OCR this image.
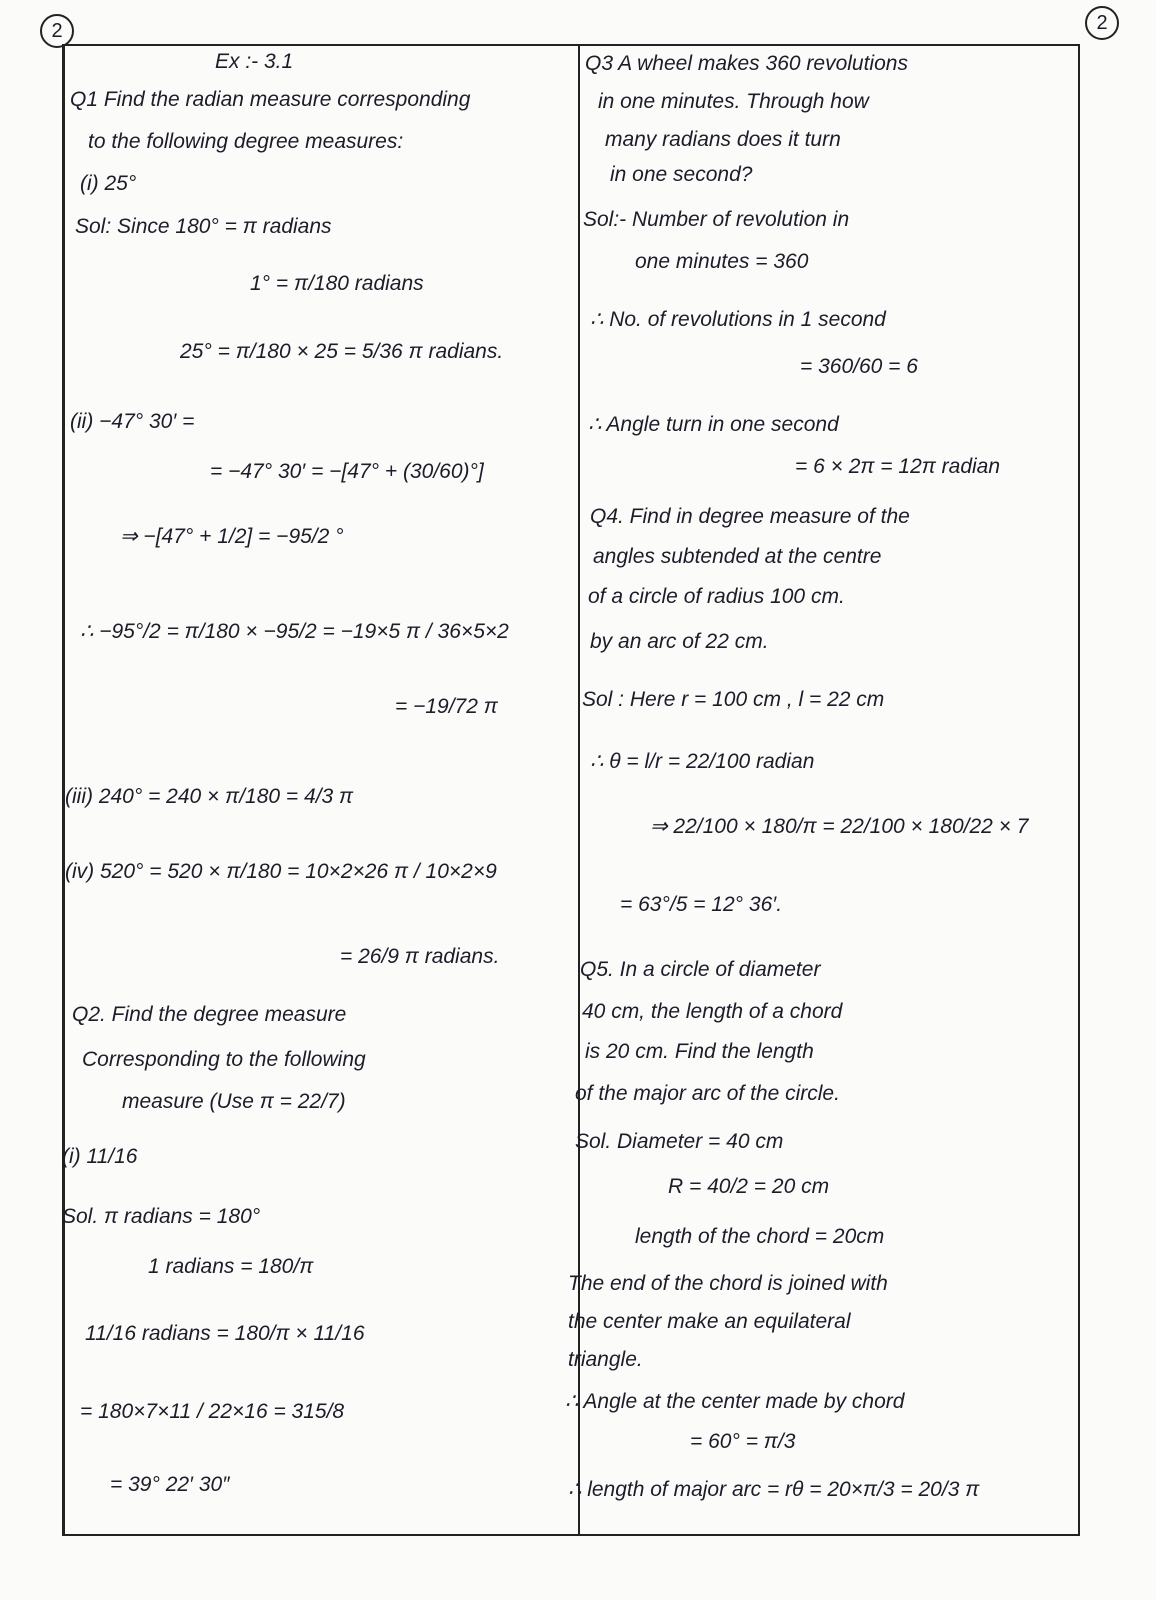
2	2
Ex :- 3.1
Q1 Find the radian measure corresponding
to the following degree measures:
(i) 25°
Sol: Since 180° = π radians
1° = π/180 radians
25° = π/180 × 25 = 5/36 π radians.
(ii) −47° 30′ =
= −47° 30′ = −[47° + (30/60)°]
⇒ −[47° + 1/2] = −95/2 °
∴ −95°/2 = π/180 × −95/2 = −19×5 π / 36×5×2
= −19/72 π
(iii) 240° = 240 × π/180 = 4/3 π
(iv) 520° = 520 × π/180 = 10×2×26 π / 10×2×9
= 26/9 π radians.
Q2. Find the degree measure
Corresponding to the following
measure (Use π = 22/7)
(i) 11/16
Sol. π radians = 180°
1 radians = 180/π
11/16 radians = 180/π × 11/16
= 180×7×11 / 22×16 = 315/8
= 39° 22′ 30″
Q3 A wheel makes 360 revolutions
in one minutes. Through how
many radians does it turn
in one second?
Sol:- Number of revolution in
one minutes = 360
∴ No. of revolutions in 1 second
= 360/60 = 6
∴ Angle turn in one second
= 6 × 2π = 12π radian
Q4. Find in degree measure of the
angles subtended at the centre
of a circle of radius 100 cm.
by an arc of 22 cm.
Sol : Here r = 100 cm , l = 22 cm
∴ θ = l/r = 22/100 radian
⇒ 22/100 × 180/π = 22/100 × 180/22 × 7
= 63°/5 = 12° 36′.
Q5. In a circle of diameter
40 cm, the length of a chord
is 20 cm. Find the length
of the major arc of the circle.
Sol. Diameter = 40 cm
R = 40/2 = 20 cm
length of the chord = 20cm
The end of the chord is joined with
the center make an equilateral
triangle.
∴ Angle at the center made by chord
= 60° = π/3
∴ length of major arc = rθ = 20×π/3 = 20/3 π
